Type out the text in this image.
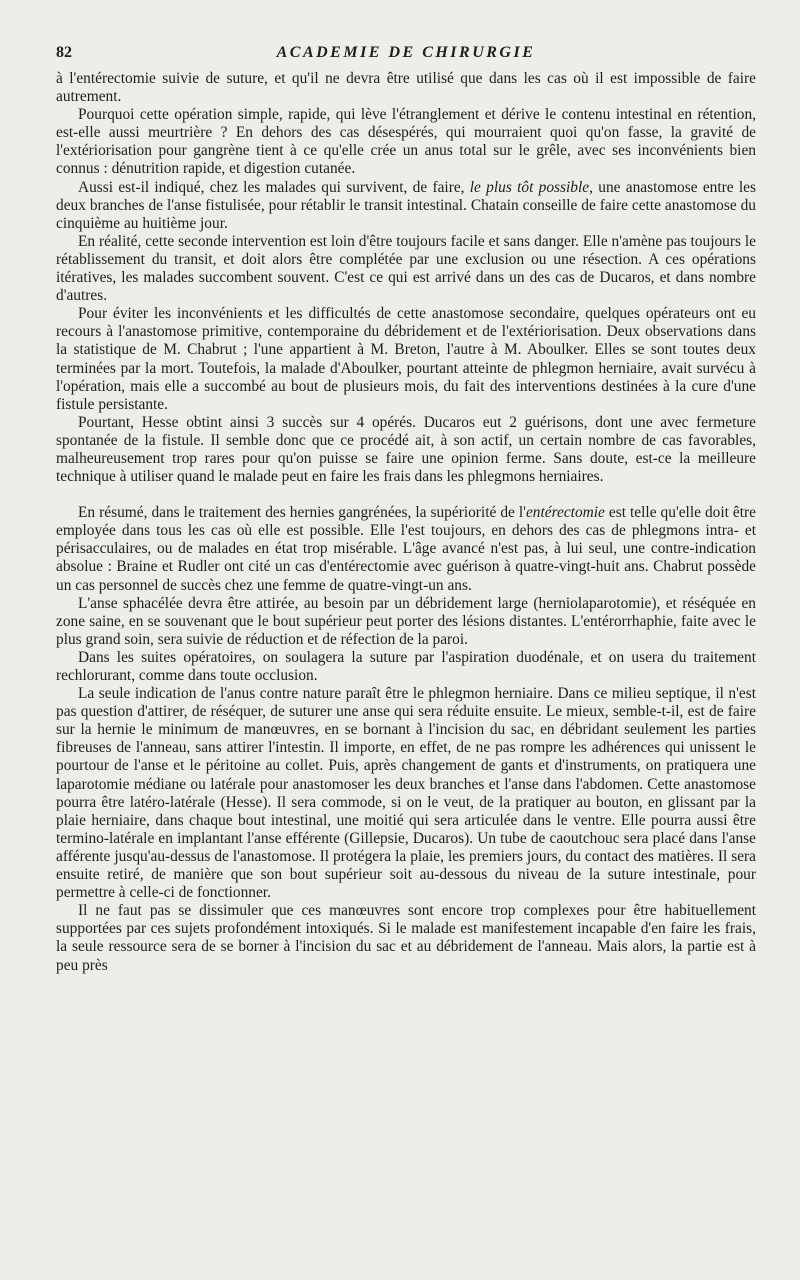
82	ACADEMIE DE CHIRURGIE

à l'entérectomie suivie de suture, et qu'il ne devra être utilisé que dans les cas où il est impossible de faire autrement.

Pourquoi cette opération simple, rapide, qui lève l'étranglement et dérive le contenu intestinal en rétention, est-elle aussi meurtrière ? En dehors des cas désespérés, qui mourraient quoi qu'on fasse, la gravité de l'extériorisation pour gangrène tient à ce qu'elle crée un anus total sur le grêle, avec ses inconvénients bien connus : dénutrition rapide, et digestion cutanée.

Aussi est-il indiqué, chez les malades qui survivent, de faire, le plus tôt possible, une anastomose entre les deux branches de l'anse fistulisée, pour rétablir le transit intestinal. Chatain conseille de faire cette anastomose du cinquième au huitième jour.

En réalité, cette seconde intervention est loin d'être toujours facile et sans danger. Elle n'amène pas toujours le rétablissement du transit, et doit alors être complétée par une exclusion ou une résection. A ces opérations itératives, les malades succombent souvent. C'est ce qui est arrivé dans un des cas de Ducaros, et dans nombre d'autres.

Pour éviter les inconvénients et les difficultés de cette anastomose secondaire, quelques opérateurs ont eu recours à l'anastomose primitive, contemporaine du débridement et de l'extériorisation. Deux observations dans la statistique de M. Chabrut ; l'une appartient à M. Breton, l'autre à M. Aboulker. Elles se sont toutes deux terminées par la mort. Toutefois, la malade d'Aboulker, pourtant atteinte de phlegmon herniaire, avait survécu à l'opération, mais elle a succombé au bout de plusieurs mois, du fait des interventions destinées à la cure d'une fistule persistante.

Pourtant, Hesse obtint ainsi 3 succès sur 4 opérés. Ducaros eut 2 guérisons, dont une avec fermeture spontanée de la fistule. Il semble donc que ce procédé ait, à son actif, un certain nombre de cas favorables, malheureusement trop rares pour qu'on puisse se faire une opinion ferme. Sans doute, est-ce la meilleure technique à utiliser quand le malade peut en faire les frais dans les phlegmons herniaires.

En résumé, dans le traitement des hernies gangrénées, la supériorité de l'entérectomie est telle qu'elle doit être employée dans tous les cas où elle est possible. Elle l'est toujours, en dehors des cas de phlegmons intra- et périsacculaires, ou de malades en état trop misérable. L'âge avancé n'est pas, à lui seul, une contre-indication absolue : Braine et Rudler ont cité un cas d'entérectomie avec guérison à quatre-vingt-huit ans. Chabrut possède un cas personnel de succès chez une femme de quatre-vingt-un ans.

L'anse sphacélée devra être attirée, au besoin par un débridement large (herniolaparotomie), et réséquée en zone saine, en se souvenant que le bout supérieur peut porter des lésions distantes. L'entérorrhaphie, faite avec le plus grand soin, sera suivie de réduction et de réfection de la paroi.

Dans les suites opératoires, on soulagera la suture par l'aspiration duodénale, et on usera du traitement rechlorurant, comme dans toute occlusion.

La seule indication de l'anus contre nature paraît être le phlegmon herniaire. Dans ce milieu septique, il n'est pas question d'attirer, de réséquer, de suturer une anse qui sera réduite ensuite. Le mieux, semble-t-il, est de faire sur la hernie le minimum de manœuvres, en se bornant à l'incision du sac, en débridant seulement les parties fibreuses de l'anneau, sans attirer l'intestin. Il importe, en effet, de ne pas rompre les adhérences qui unissent le pourtour de l'anse et le péritoine au collet. Puis, après changement de gants et d'instruments, on pratiquera une laparotomie médiane ou latérale pour anastomoser les deux branches et l'anse dans l'abdomen. Cette anastomose pourra être latéro-latérale (Hesse). Il sera commode, si on le veut, de la pratiquer au bouton, en glissant par la plaie herniaire, dans chaque bout intestinal, une moitié qui sera articulée dans le ventre. Elle pourra aussi être termino-latérale en implantant l'anse efférente (Gillepsie, Ducaros). Un tube de caoutchouc sera placé dans l'anse afférente jusqu'au-dessus de l'anastomose. Il protégera la plaie, les premiers jours, du contact des matières. Il sera ensuite retiré, de manière que son bout supérieur soit au-dessous du niveau de la suture intestinale, pour permettre à celle-ci de fonctionner.

Il ne faut pas se dissimuler que ces manœuvres sont encore trop complexes pour être habituellement supportées par ces sujets profondément intoxiqués. Si le malade est manifestement incapable d'en faire les frais, la seule ressource sera de se borner à l'incision du sac et au débridement de l'anneau. Mais alors, la partie est à peu près
